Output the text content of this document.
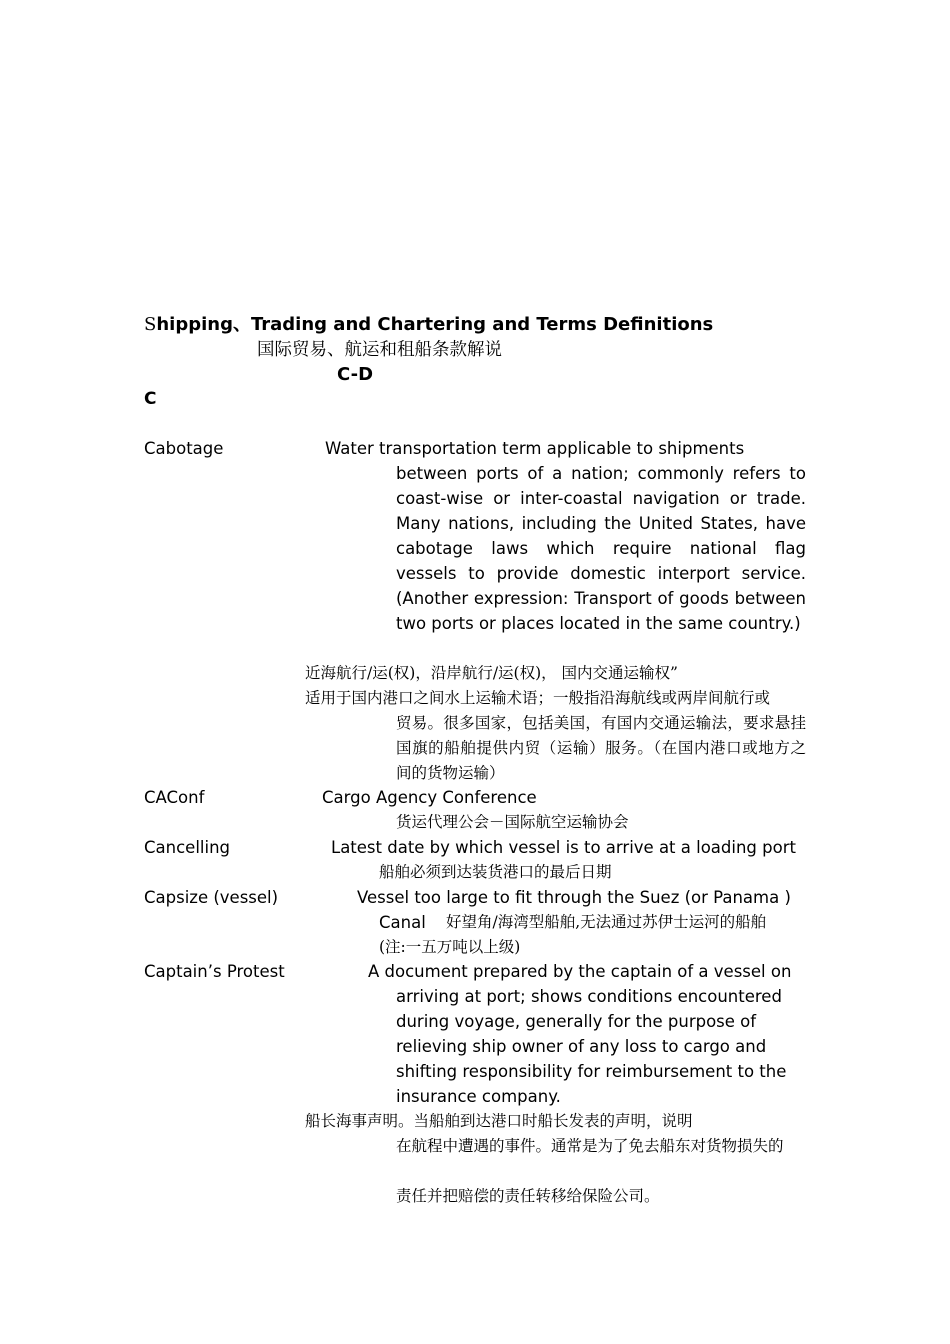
Shipping、Trading and Chartering and Terms Definitions
国际贸易、航运和租船条款解说
C-D
C
Cabotage	Water transportation term applicable to shipments
between ports of a nation; commonly refers to coast-wise or inter-coastal navigation or trade. Many nations, including the United States, have cabotage laws which require national flag vessels to provide domestic interport service. (Another expression: Transport of goods between two ports or places located in the same country.)
近海航行/运(权)，沿岸航行/运(权)， 国内交通运输权”
适用于国内港口之间水上运输术语；一般指沿海航线或两岸间航行或
贸易。很多国家，包括美国，有国内交通运输法，要求悬挂国旗的船舶提供内贸（运输）服务。（在国内港口或地方之间的货物运输）
CAConf	Cargo Agency Conference
货运代理公会－国际航空运输协会
Cancelling	Latest date by which vessel is to arrive at a loading port
船舶必须到达装货港口的最后日期
Capsize (vessel)	Vessel too large to fit through the Suez (or Panama )
Canal 好望角/海湾型船舶,无法通过苏伊士运河的船舶
(注:一五万吨以上级)
Captain’s Protest	A document prepared by the captain of a vessel on
arriving at port; shows conditions encountered
during voyage, generally for the purpose of
relieving ship owner of any loss to cargo and
shifting responsibility for reimbursement to the
insurance company.
船长海事声明。当船舶到达港口时船长发表的声明，说明
在航程中遭遇的事件。通常是为了免去船东对货物损失的
责任并把赔偿的责任转移给保险公司。
